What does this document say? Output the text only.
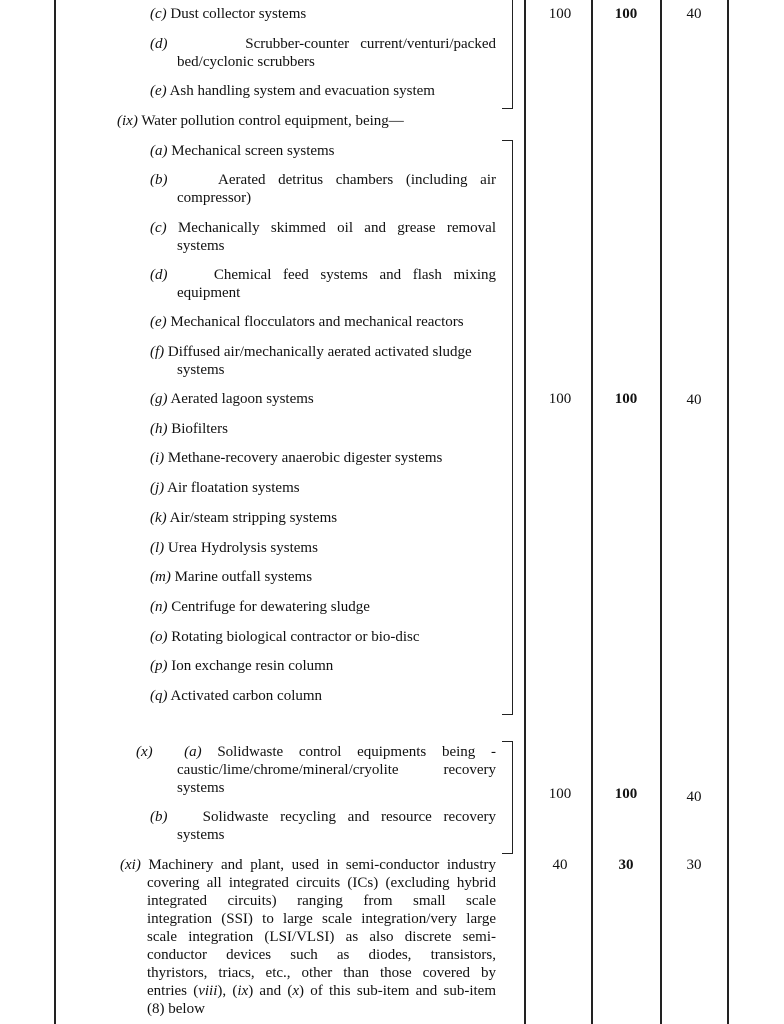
(c) Dust collector systems
(d)	Scrubber-counter current/venturi/packed
bed/cyclonic scrubbers
(e) Ash handling system and evacuation system
100	100	40
(ix) Water pollution control equipment, being—
(a) Mechanical screen systems
(b)	Aerated detritus chambers (including air
compressor)
(c) Mechanically skimmed oil and grease removal
systems
(d)	Chemical feed systems and flash mixing
equipment
(e) Mechanical flocculators and mechanical reactors
(f) Diffused air/mechanically aerated activated sludge
systems
(g) Aerated lagoon systems
(h) Biofilters
(i) Methane-recovery anaerobic digester systems
(j) Air floatation systems
(k) Air/steam stripping systems
(l) Urea Hydrolysis systems
(m) Marine outfall systems
(n) Centrifuge for dewatering sludge
(o) Rotating biological contractor or bio-disc
(p) Ion exchange resin column
(q) Activated carbon column
100	100	40
(x) (a) Solidwaste control equipments being -
caustic/lime/chrome/mineral/cryolite recovery
systems
(b) Solidwaste recycling and resource recovery
systems
100	100	40
(xi) Machinery and plant, used in semi-conductor industry
covering all integrated circuits (ICs) (excluding hybrid
integrated circuits) ranging from small scale
integration (SSI) to large scale integration/very large
scale integration (LSI/VLSI) as also discrete semi-
conductor devices such as diodes, transistors,
thyristors, triacs, etc., other than those covered by
entries (viii), (ix) and (x) of this sub-item and sub-item
(8) below
40	30	30
